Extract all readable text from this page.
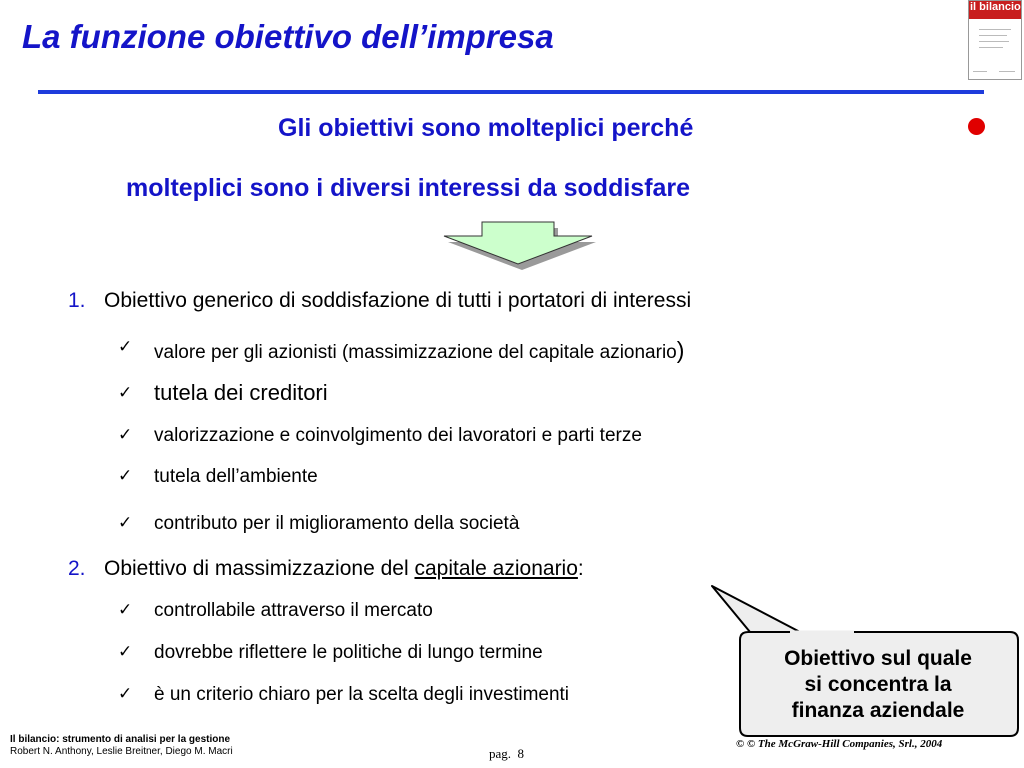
La funzione obiettivo dell’impresa
il bilancio
Gli obiettivi sono molteplici perché
molteplici sono i diversi interessi da soddisfare
1. Obiettivo generico di soddisfazione di tutti i portatori di interessi
✓ valore per gli azionisti (massimizzazione del capitale azionario)
✓ tutela dei creditori
✓ valorizzazione e coinvolgimento dei lavoratori e parti terze
✓ tutela dell’ambiente
✓ contributo per il miglioramento della società
2. Obiettivo di massimizzazione del capitale azionario:
✓ controllabile attraverso il mercato
✓ dovrebbe riflettere le politiche di lungo termine
✓ è un criterio chiaro per la scelta degli investimenti
Obiettivo sul quale
si concentra la
finanza aziendale
Il bilancio: strumento di analisi per la gestione
Robert N. Anthony, Leslie Breitner, Diego M. Macri	pag. 8
© © The McGraw-Hill Companies, Srl., 2004
